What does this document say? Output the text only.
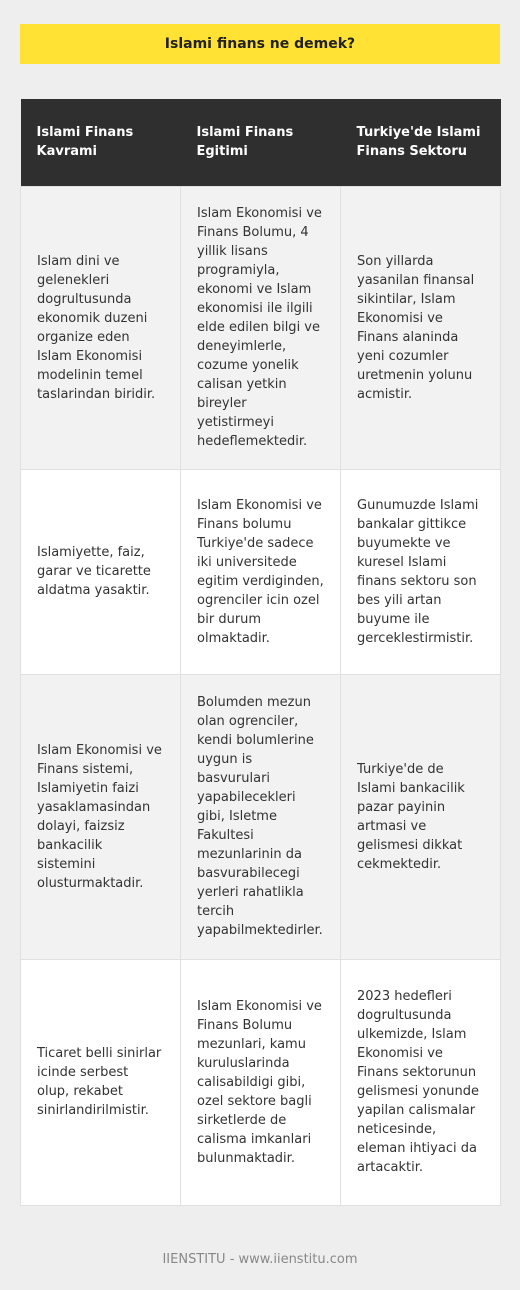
Islami finans ne demek?
Islami Finans Kavrami	Islami Finans Egitimi	Turkiye'de Islami Finans Sektoru
Islam dini ve gelenekleri dogrultusunda ekonomik duzeni organize eden Islam Ekonomisi modelinin temel taslarindan biridir.	Islam Ekonomisi ve Finans Bolumu, 4 yillik lisans programiyla, ekonomi ve Islam ekonomisi ile ilgili elde edilen bilgi ve deneyimlerle, cozume yonelik calisan yetkin bireyler yetistirmeyi hedeflemektedir.	Son yillarda yasanilan finansal sikintilar, Islam Ekonomisi ve Finans alaninda yeni cozumler uretmenin yolunu acmistir.
Islamiyette, faiz, garar ve ticarette aldatma yasaktir.	Islam Ekonomisi ve Finans bolumu Turkiye'de sadece iki universitede egitim verdiginden, ogrenciler icin ozel bir durum olmaktadir.	Gunumuzde Islami bankalar gittikce buyumekte ve kuresel Islami finans sektoru son bes yili artan buyume ile gerceklestirmistir.
Islam Ekonomisi ve Finans sistemi, Islamiyetin faizi yasaklamasindan dolayi, faizsiz bankacilik sistemini olusturmaktadir.	Bolumden mezun olan ogrenciler, kendi bolumlerine uygun is basvurulari yapabilecekleri gibi, Isletme Fakultesi mezunlarinin da basvurabilecegi yerleri rahatlikla tercih yapabilmektedirler.	Turkiye'de de Islami bankacilik pazar payinin artmasi ve gelismesi dikkat cekmektedir.
Ticaret belli sinirlar icinde serbest olup, rekabet sinirlandirilmistir.	Islam Ekonomisi ve Finans Bolumu mezunlari, kamu kuruluslarinda calisabildigi gibi, ozel sektore bagli sirketlerde de calisma imkanlari bulunmaktadir.	2023 hedefleri dogrultusunda ulkemizde, Islam Ekonomisi ve Finans sektorunun gelismesi yonunde yapilan calismalar neticesinde, eleman ihtiyaci da artacaktir.
IIENSTITU - www.iienstitu.com
